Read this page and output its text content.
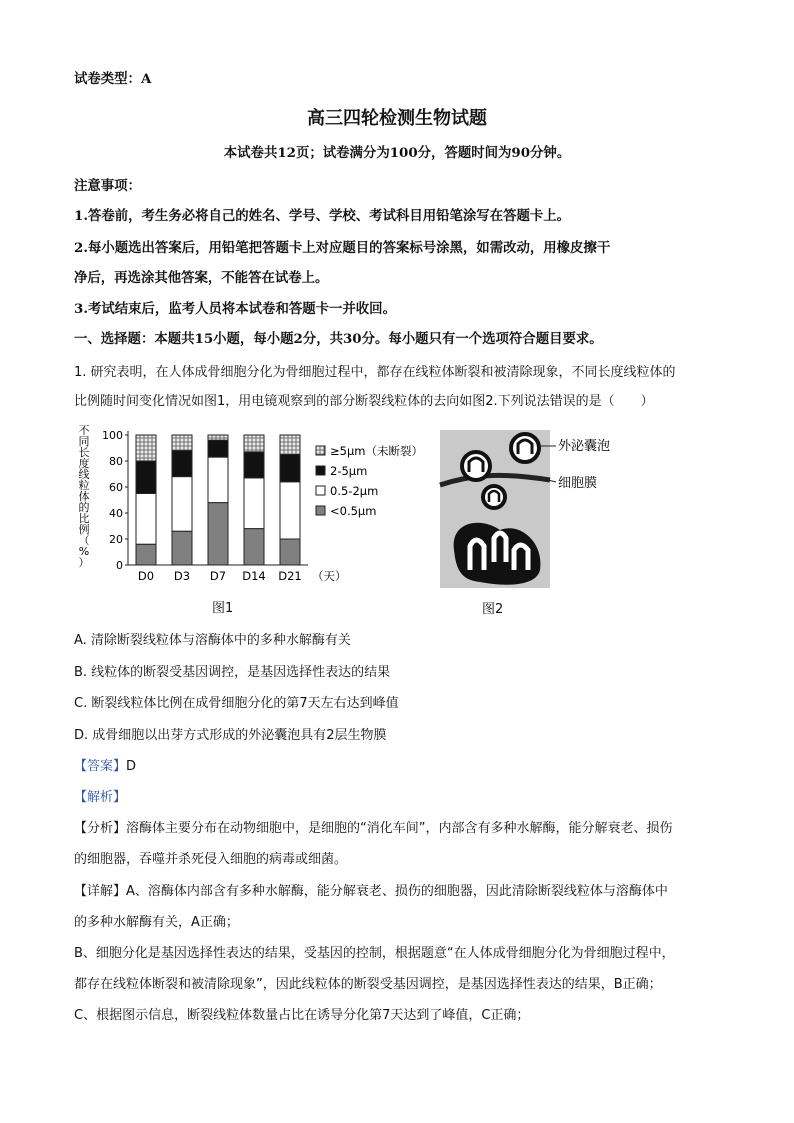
试卷类型：A
高三四轮检测生物试题
本试卷共12页；试卷满分为100分，答题时间为90分钟。
注意事项：
1.答卷前，考生务必将自己的姓名、学号、学校、考试科目用铅笔涂写在答题卡上。
2.每小题选出答案后，用铅笔把答题卡上对应题目的答案标号涂黑，如需改动，用橡皮擦干
净后，再选涂其他答案，不能答在试卷上。
3.考试结束后，监考人员将本试卷和答题卡一并收回。
一、选择题：本题共15小题，每小题2分，共30分。每小题只有一个选项符合题目要求。
1. 研究表明，在人体成骨细胞分化为骨细胞过程中，都存在线粒体断裂和被清除现象，不同长度线粒体的
比例随时间变化情况如图1，用电镜观察到的部分断裂线粒体的去向如图2.下列说法错误的是（　　）
不
同
长
度
线
粒
体
的
比
例
（
%
） 0
20
40
60
80
100
D0 D3 D7 D14 D21 （天）
≥5μm（未断裂）
2-5μm
0.5-2μm
<0.5μm
图1
外泌囊泡
细胞膜
图2
A. 清除断裂线粒体与溶酶体中的多种水解酶有关
B. 线粒体的断裂受基因调控，是基因选择性表达的结果
C. 断裂线粒体比例在成骨细胞分化的第7天左右达到峰值
D. 成骨细胞以出芽方式形成的外泌囊泡具有2层生物膜
【答案】D
【解析】
【分析】溶酶体主要分布在动物细胞中，是细胞的“消化车间”，内部含有多种水解酶，能分解衰老、损伤
的细胞器，吞噬并杀死侵入细胞的病毒或细菌。
【详解】A、溶酶体内部含有多种水解酶，能分解衰老、损伤的细胞器，因此清除断裂线粒体与溶酶体中
的多种水解酶有关，A正确；
B、细胞分化是基因选择性表达的结果，受基因的控制，根据题意“在人体成骨细胞分化为骨细胞过程中，
都存在线粒体断裂和被清除现象”，因此线粒体的断裂受基因调控，是基因选择性表达的结果，B正确；
C、根据图示信息，断裂线粒体数量占比在诱导分化第7天达到了峰值，C正确；
